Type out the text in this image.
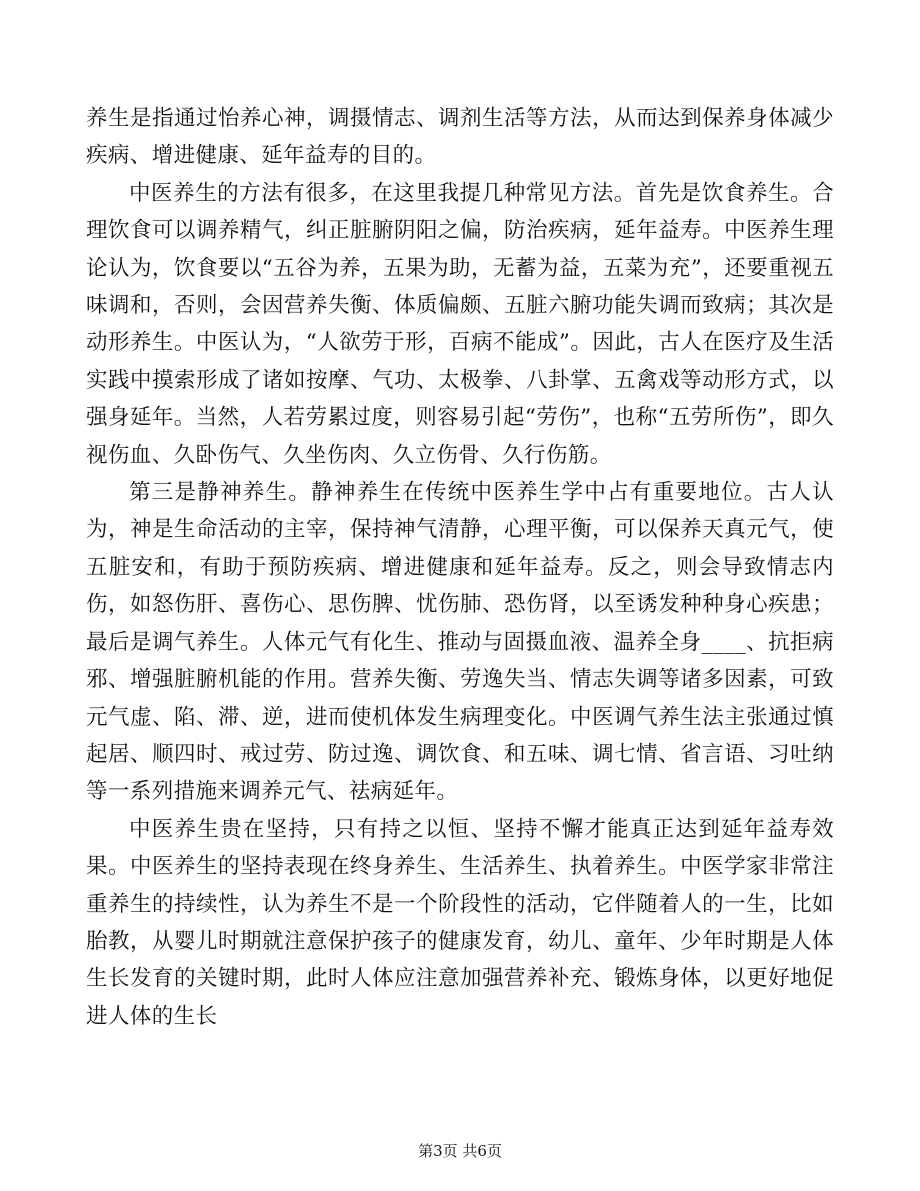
养生是指通过怡养心神，调摄情志、调剂生活等方法，从而达到保养身体减少疾病、增进健康、延年益寿的目的。

中医养生的方法有很多，在这里我提几种常见方法。首先是饮食养生。合理饮食可以调养精气，纠正脏腑阴阳之偏，防治疾病，延年益寿。中医养生理论认为，饮食要以“五谷为养，五果为助，无蓄为益，五菜为充”，还要重视五味调和，否则，会因营养失衡、体质偏颇、五脏六腑功能失调而致病；其次是动形养生。中医认为，“人欲劳于形，百病不能成”。因此，古人在医疗及生活实践中摸索形成了诸如按摩、气功、太极拳、八卦掌、五禽戏等动形方式，以强身延年。当然，人若劳累过度，则容易引起“劳伤”，也称“五劳所伤”，即久视伤血、久卧伤气、久坐伤肉、久立伤骨、久行伤筋。

第三是静神养生。静神养生在传统中医养生学中占有重要地位。古人认为，神是生命活动的主宰，保持神气清静，心理平衡，可以保养天真元气，使五脏安和，有助于预防疾病、增进健康和延年益寿。反之，则会导致情志内伤，如怒伤肝、喜伤心、思伤脾、忧伤肺、恐伤肾，以至诱发种种身心疾患；最后是调气养生。人体元气有化生、推动与固摄血液、温养全身____、抗拒病邪、增强脏腑机能的作用。营养失衡、劳逸失当、情志失调等诸多因素，可致元气虚、陷、滞、逆，进而使机体发生病理变化。中医调气养生法主张通过慎起居、顺四时、戒过劳、防过逸、调饮食、和五味、调七情、省言语、习吐纳等一系列措施来调养元气、祛病延年。

中医养生贵在坚持，只有持之以恒、坚持不懈才能真正达到延年益寿效果。中医养生的坚持表现在终身养生、生活养生、执着养生。中医学家非常注重养生的持续性，认为养生不是一个阶段性的活动，它伴随着人的一生，比如胎教，从婴儿时期就注意保护孩子的健康发育，幼儿、童年、少年时期是人体生长发育的关键时期，此时人体应注意加强营养补充、锻炼身体，以更好地促进人体的生长

第3页 共6页
